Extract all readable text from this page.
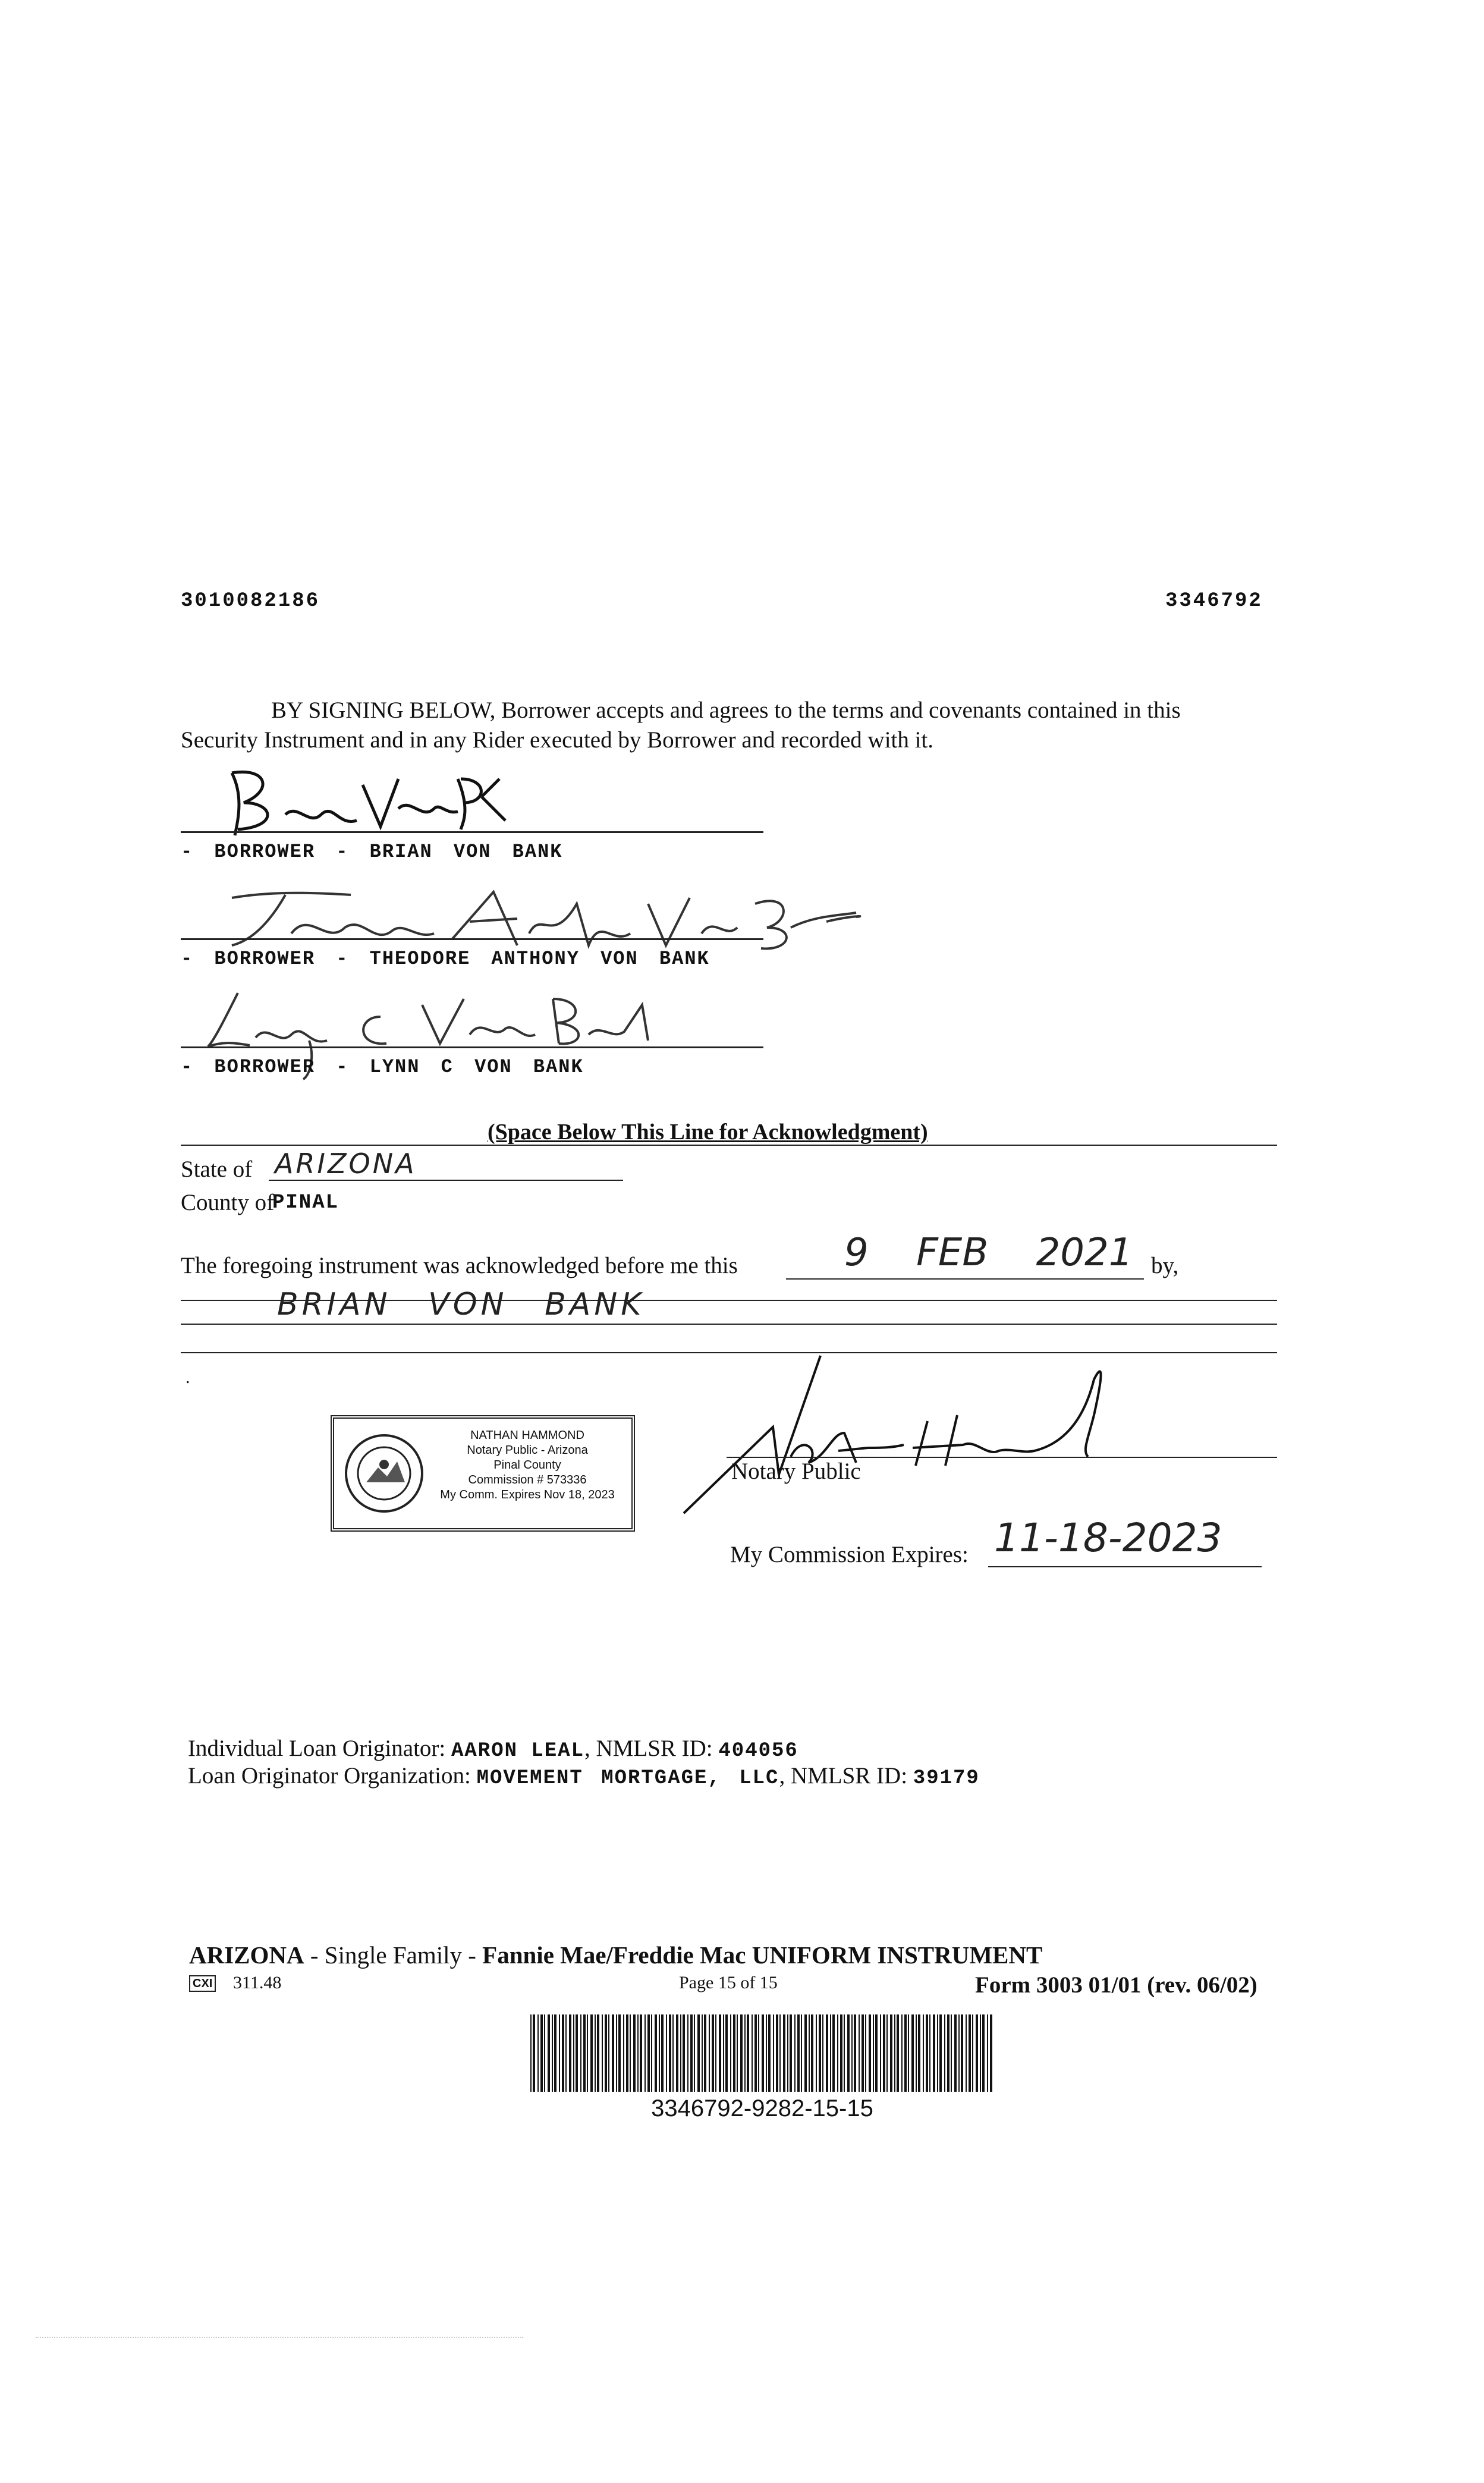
3010082186	3346792
BY SIGNING BELOW, Borrower accepts and agrees to the terms and covenants contained in this
Security Instrument and in any Rider executed by Borrower and recorded with it.
- BORROWER - BRIAN VON BANK
- BORROWER - THEODORE ANTHONY VON BANK
- BORROWER - LYNN C VON BANK
(Space Below This Line for Acknowledgment)
State of ARIZONA
County of
PINAL
The foregoing instrument was acknowledged before me this	9 FEB 2021 by,
BRIAN VON BANK
.
NATHAN HAMMOND
Notary Public - Arizona
Pinal County
Commission # 573336
My Comm. Expires Nov 18, 2023
Notary Public
My Commission Expires: 11-18-2023
Individual Loan Originator: AARON LEAL, NMLSR ID: 404056
Loan Originator Organization: MOVEMENT MORTGAGE, LLC, NMLSR ID: 39179
ARIZONA - Single Family - Fannie Mae/Freddie Mac UNIFORM INSTRUMENT
CXI 311.48	Page 15 of 15	Form 3003 01/01 (rev. 06/02)
3346792-9282-15-15
